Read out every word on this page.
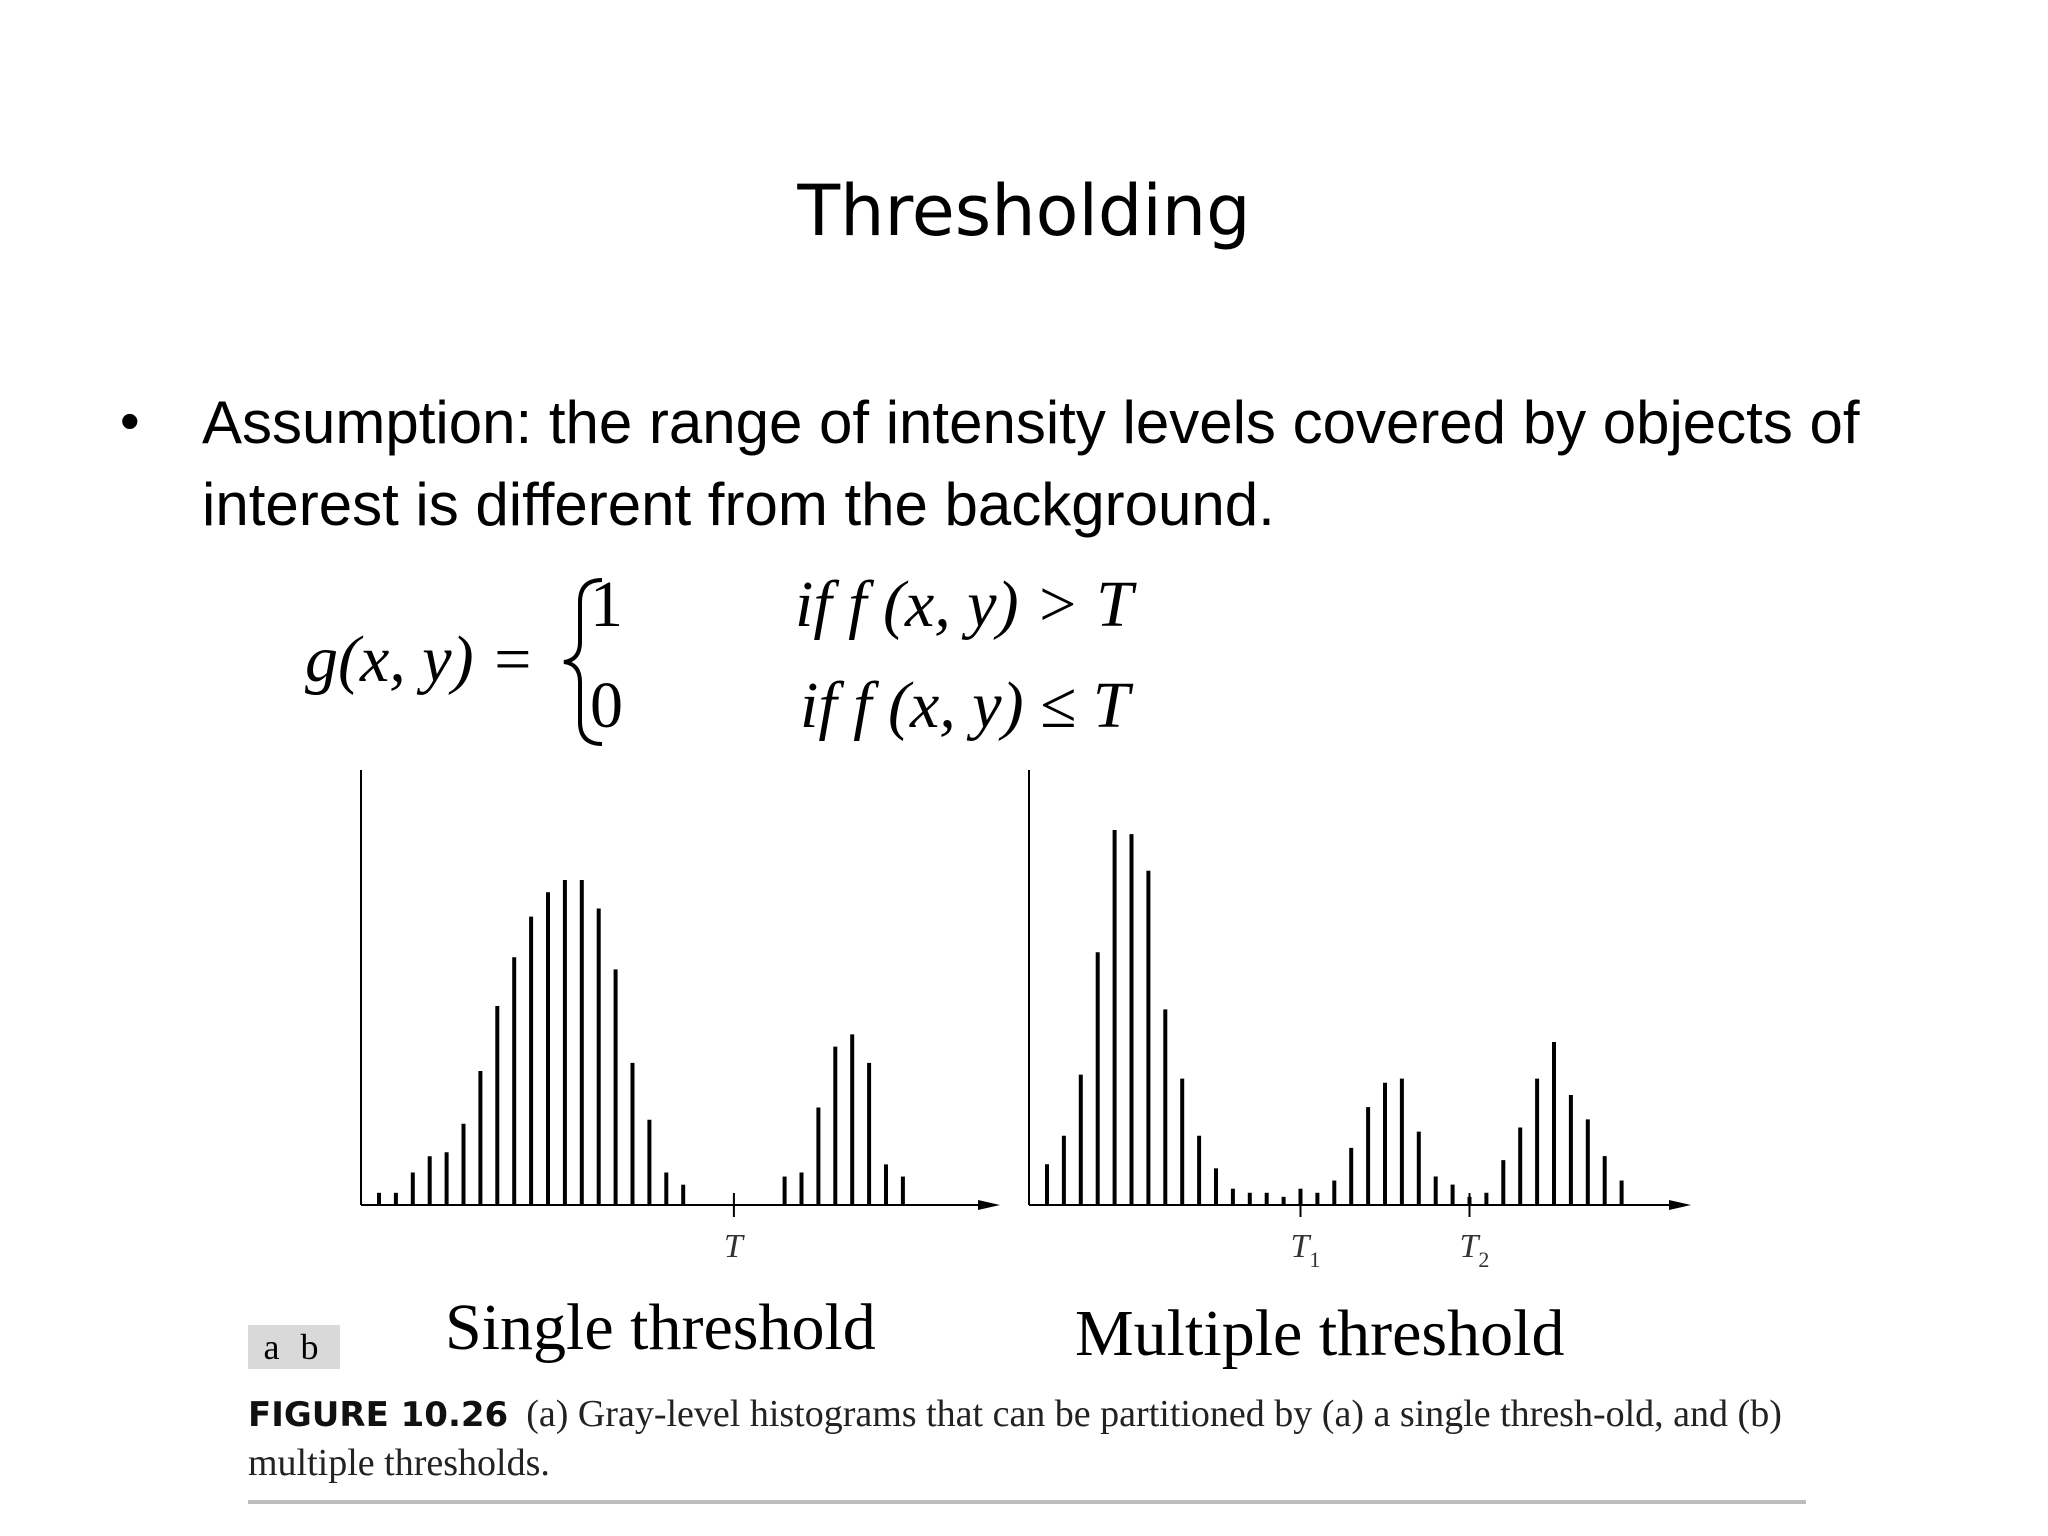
Thresholding
• Assumption: the range of intensity levels covered by objects of interest is different from the background.
g(x, y) =
1	if f (x, y) > T
0	if f (x, y) ≤ T
T	$T_1$	$T_2$
Single threshold	Multiple threshold
a b
FIGURE 10.26 (a) Gray-level histograms that can be partitioned by (a) a single thresh-old, and (b) multiple thresholds.
